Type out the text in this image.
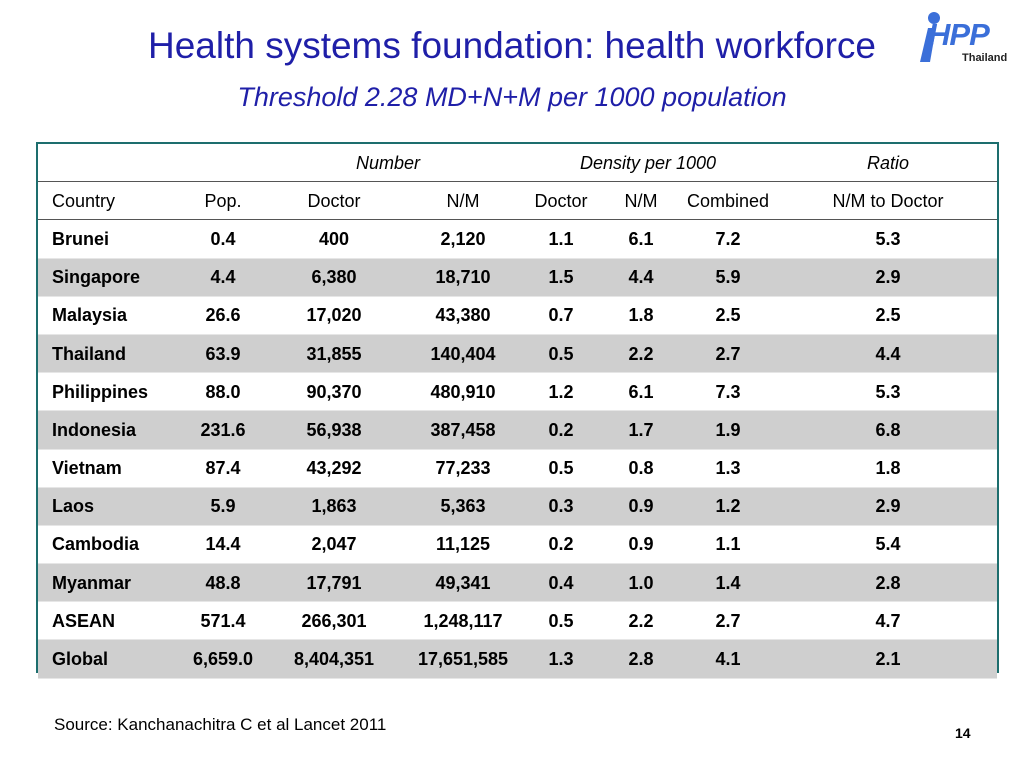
Health systems foundation: health workforce
Threshold 2.28 MD+N+M per 1000 population
HPP
Thailand
		Number		Density per 1000			Ratio
Country	Pop.	Doctor	N/M	Doctor	N/M	Combined	N/M to Doctor
Brunei	0.4	400	2,120	1.1	6.1	7.2	5.3
Singapore	4.4	6,380	18,710	1.5	4.4	5.9	2.9
Malaysia	26.6	17,020	43,380	0.7	1.8	2.5	2.5
Thailand	63.9	31,855	140,404	0.5	2.2	2.7	4.4
Philippines	88.0	90,370	480,910	1.2	6.1	7.3	5.3
Indonesia	231.6	56,938	387,458	0.2	1.7	1.9	6.8
Vietnam	87.4	43,292	77,233	0.5	0.8	1.3	1.8
Laos	5.9	1,863	5,363	0.3	0.9	1.2	2.9
Cambodia	14.4	2,047	11,125	0.2	0.9	1.1	5.4
Myanmar	48.8	17,791	49,341	0.4	1.0	1.4	2.8
ASEAN	571.4	266,301	1,248,117	0.5	2.2	2.7	4.7
Global	6,659.0	8,404,351	17,651,585	1.3	2.8	4.1	2.1
Source: Kanchanachitra C et al Lancet 2011	14
